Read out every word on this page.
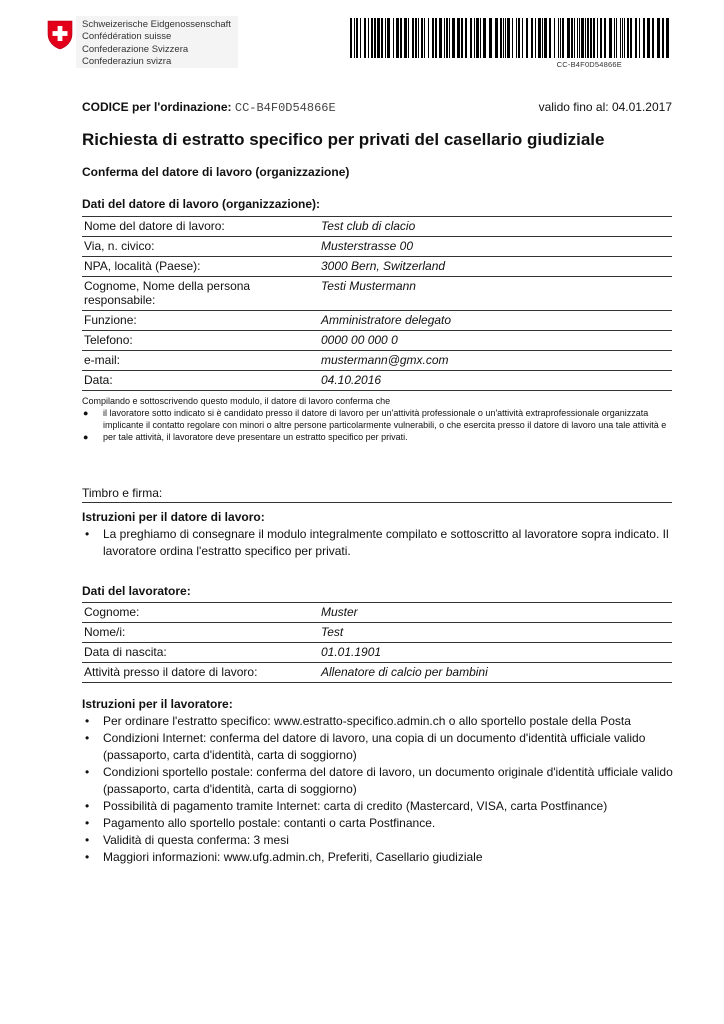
Schweizerische Eidgenossenschaft
Confédération suisse
Confederazione Svizzera
Confederaziun svizra	CC-B4F0D54866E
CODICE per l'ordinazione: CC-B4F0D54866E	valido fino al: 04.01.2017
Richiesta di estratto specifico per privati del casellario giudiziale
Conferma del datore di lavoro (organizzazione)
Dati del datore di lavoro (organizzazione):
Nome del datore di lavoro:	Test club di clacio
Via, n. civico:	Musterstrasse 00
NPA, località (Paese):	3000 Bern, Switzerland
Cognome, Nome della persona responsabile:	Testi Mustermann
Funzione:	Amministratore delegato
Telefono:	0000 00 000 0
e-mail:	mustermann@gmx.com
Data:	04.10.2016
Compilando e sottoscrivendo questo modulo, il datore di lavoro conferma che
● il lavoratore sotto indicato si è candidato presso il datore di lavoro per un'attività professionale o un'attività extraprofessionale organizzata implicante il contatto regolare con minori o altre persone particolarmente vulnerabili, o che esercita presso il datore di lavoro una tale attività e
● per tale attività, il lavoratore deve presentare un estratto specifico per privati.
Timbro e firma:
Istruzioni per il datore di lavoro:
• La preghiamo di consegnare il modulo integralmente compilato e sottoscritto al lavoratore sopra indicato. Il lavoratore ordina l'estratto specifico per privati.
Dati del lavoratore:
Cognome:	Muster
Nome/i:	Test
Data di nascita:	01.01.1901
Attività presso il datore di lavoro:	Allenatore di calcio per bambini
Istruzioni per il lavoratore:
• Per ordinare l'estratto specifico: www.estratto-specifico.admin.ch o allo sportello postale della Posta
• Condizioni Internet: conferma del datore di lavoro, una copia di un documento d'identità ufficiale valido (passaporto, carta d'identità, carta di soggiorno)
• Condizioni sportello postale: conferma del datore di lavoro, un documento originale d'identità ufficiale valido (passaporto, carta d'identità, carta di soggiorno)
• Possibilità di pagamento tramite Internet: carta di credito (Mastercard, VISA, carta Postfinance)
• Pagamento allo sportello postale: contanti o carta Postfinance.
• Validità di questa conferma: 3 mesi
• Maggiori informazioni: www.ufg.admin.ch, Preferiti, Casellario giudiziale
